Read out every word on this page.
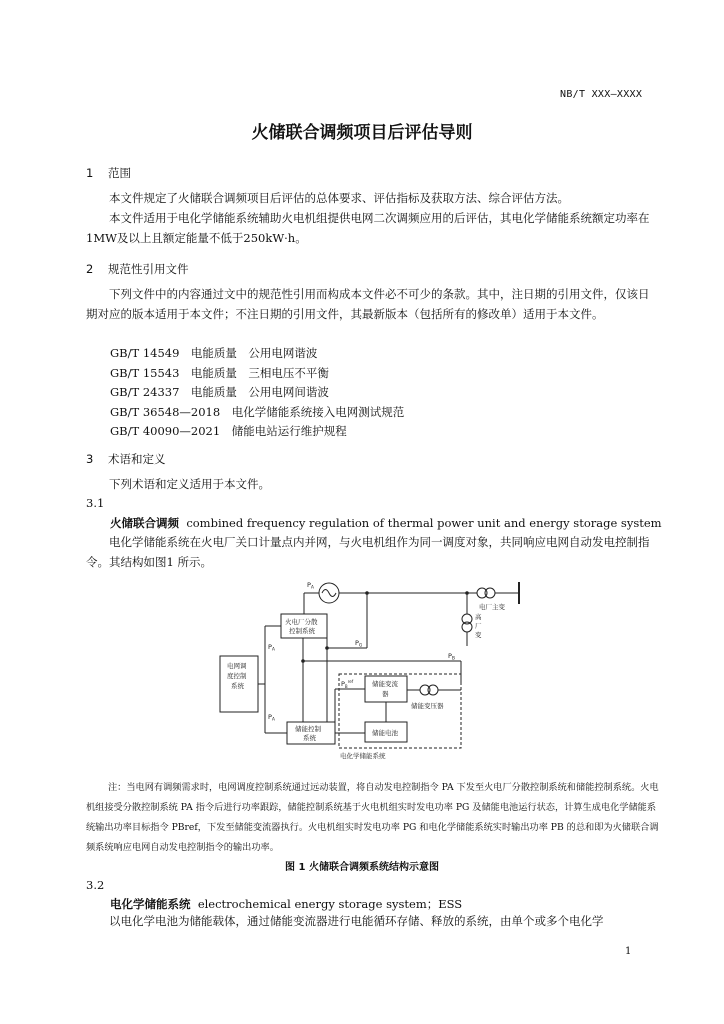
NB/T XXX—XXXX
火储联合调频项目后评估导则
1 范围
本文件规定了火储联合调频项目后评估的总体要求、评估指标及获取方法、综合评估方法。
本文件适用于电化学储能系统辅助火电机组提供电网二次调频应用的后评估，其电化学储能系统额定功率在1MW及以上且额定能量不低于250kW·h。
2 规范性引用文件
下列文件中的内容通过文中的规范性引用而构成本文件必不可少的条款。其中，注日期的引用文件，仅该日期对应的版本适用于本文件；不注日期的引用文件，其最新版本（包括所有的修改单）适用于本文件。
GB/T 14549　 电能质量　公用电网谐波
GB/T 15543　 电能质量　三相电压不平衡
GB/T 24337　 电能质量　公用电网间谐波
GB/T 36548—2018　 电化学储能系统接入电网测试规范
GB/T 40090—2021　 储能电站运行维护规程
3 术语和定义
下列术语和定义适用于本文件。
3.1
火储联合调频 combined frequency regulation of thermal power unit and energy storage system
电化学储能系统在火电厂关口计量点内并网，与火电机组作为同一调度对象，共同响应电网自动发电控制指令。其结构如图1 所示。
电网调
度控制
系统
火电厂分散
控制系统
储能控制
系统
储能变流
器
储能电池
储能变压器
电厂主变
高
厂
变
电化学储能系统
$P_A$
$P_A$
$P_A$
$P_G$
$P_B$
$P_B^{ref}$
注：当电网有调频需求时，电网调度控制系统通过远动装置，将自动发电控制指令 PA 下发至火电厂分散控制系统和储能控制系统。火电机组接受分散控制系统 PA 指令后进行功率跟踪，储能控制系统基于火电机组实时发电功率 PG 及储能电池运行状态，计算生成电化学储能系统输出功率目标指令 PBref，下发至储能变流器执行。火电机组实时发电功率 PG 和电化学储能系统实时输出功率 PB 的总和即为火储联合调频系统响应电网自动发电控制指令的输出功率。
图 1 火储联合调频系统结构示意图
3.2
电化学储能系统 electrochemical energy storage system；ESS
以电化学电池为储能载体，通过储能变流器进行电能循环存储、释放的系统，由单个或多个电化学
1
